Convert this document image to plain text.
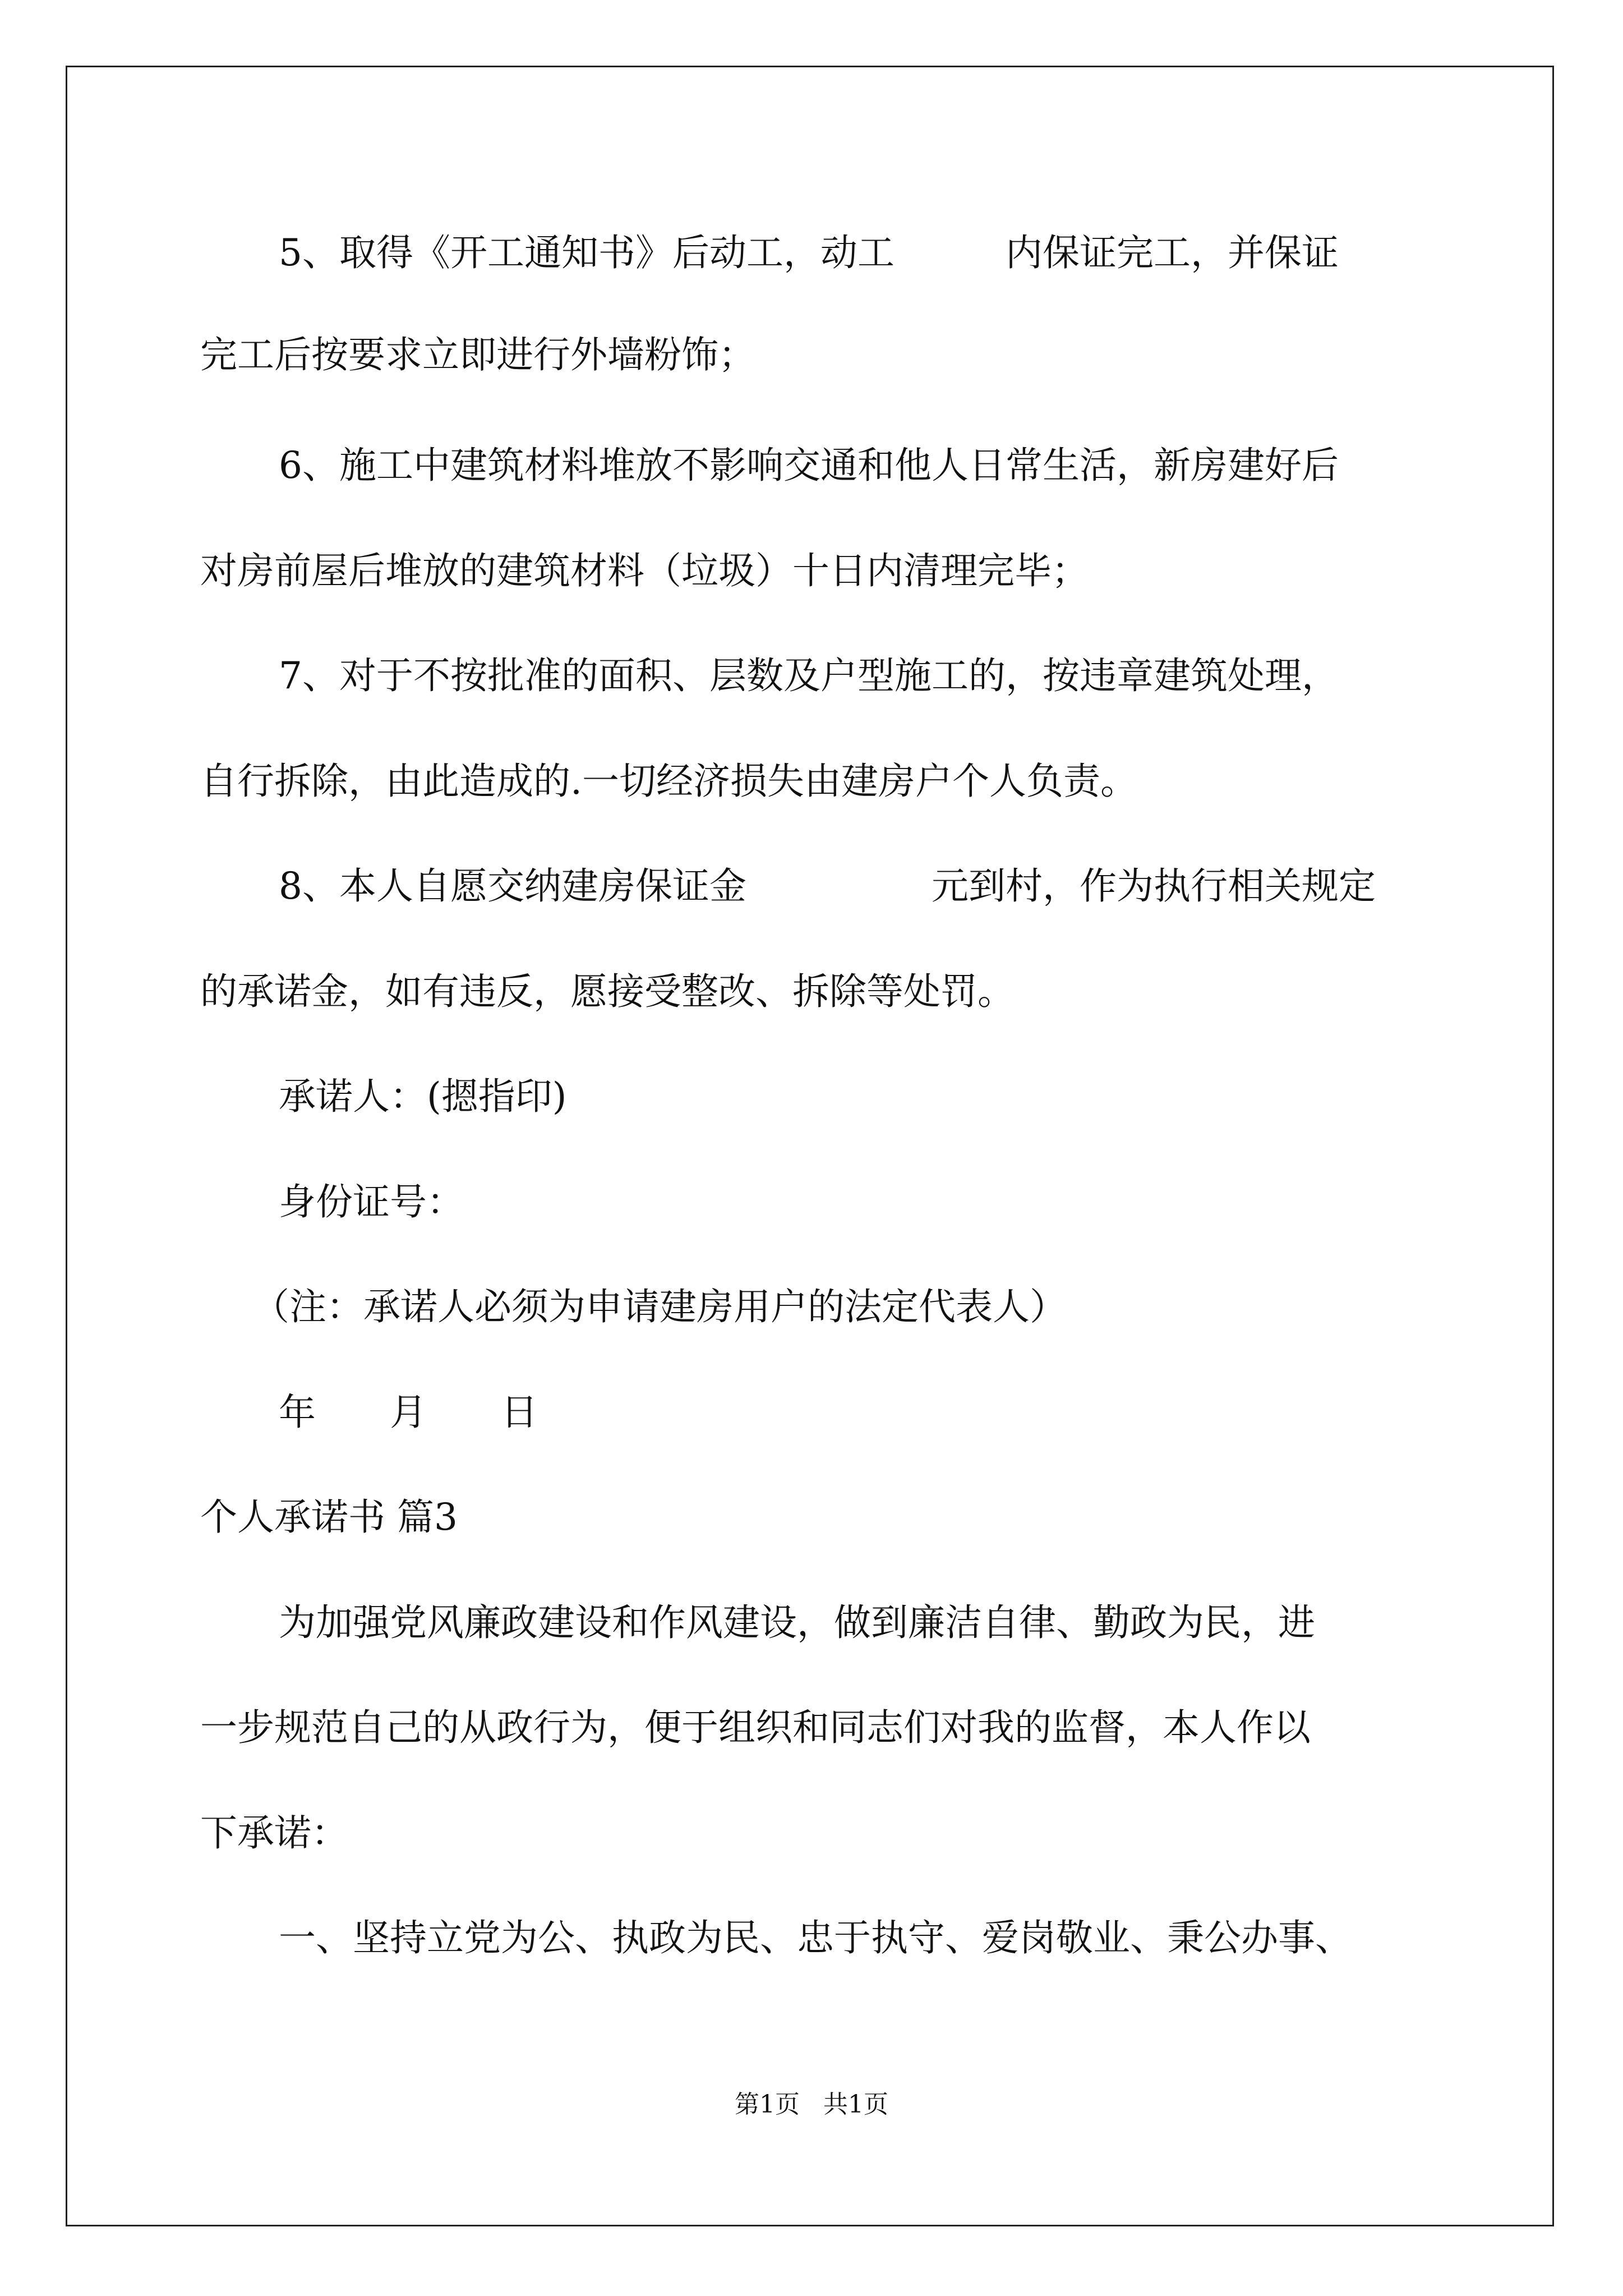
5、取得《开工通知书》后动工，动工　　　内保证完工，并保证
完工后按要求立即进行外墙粉饰；
6、施工中建筑材料堆放不影响交通和他人日常生活，新房建好后
对房前屋后堆放的建筑材料（垃圾）十日内清理完毕；
7、对于不按批准的面积、层数及户型施工的，按违章建筑处理，
自行拆除，由此造成的.一切经济损失由建房户个人负责。
8、本人自愿交纳建房保证金　　　　　元到村，作为执行相关规定
的承诺金，如有违反，愿接受整改、拆除等处罚。
承诺人：(摁指印)
身份证号：
（注：承诺人必须为申请建房用户的法定代表人）
年　　月　　日
个人承诺书 篇3
为加强党风廉政建设和作风建设，做到廉洁自律、勤政为民，进
一步规范自己的从政行为，便于组织和同志们对我的监督，本人作以
下承诺：
一、坚持立党为公、执政为民、忠于执守、爱岗敬业、秉公办事、
第1页 共1页
